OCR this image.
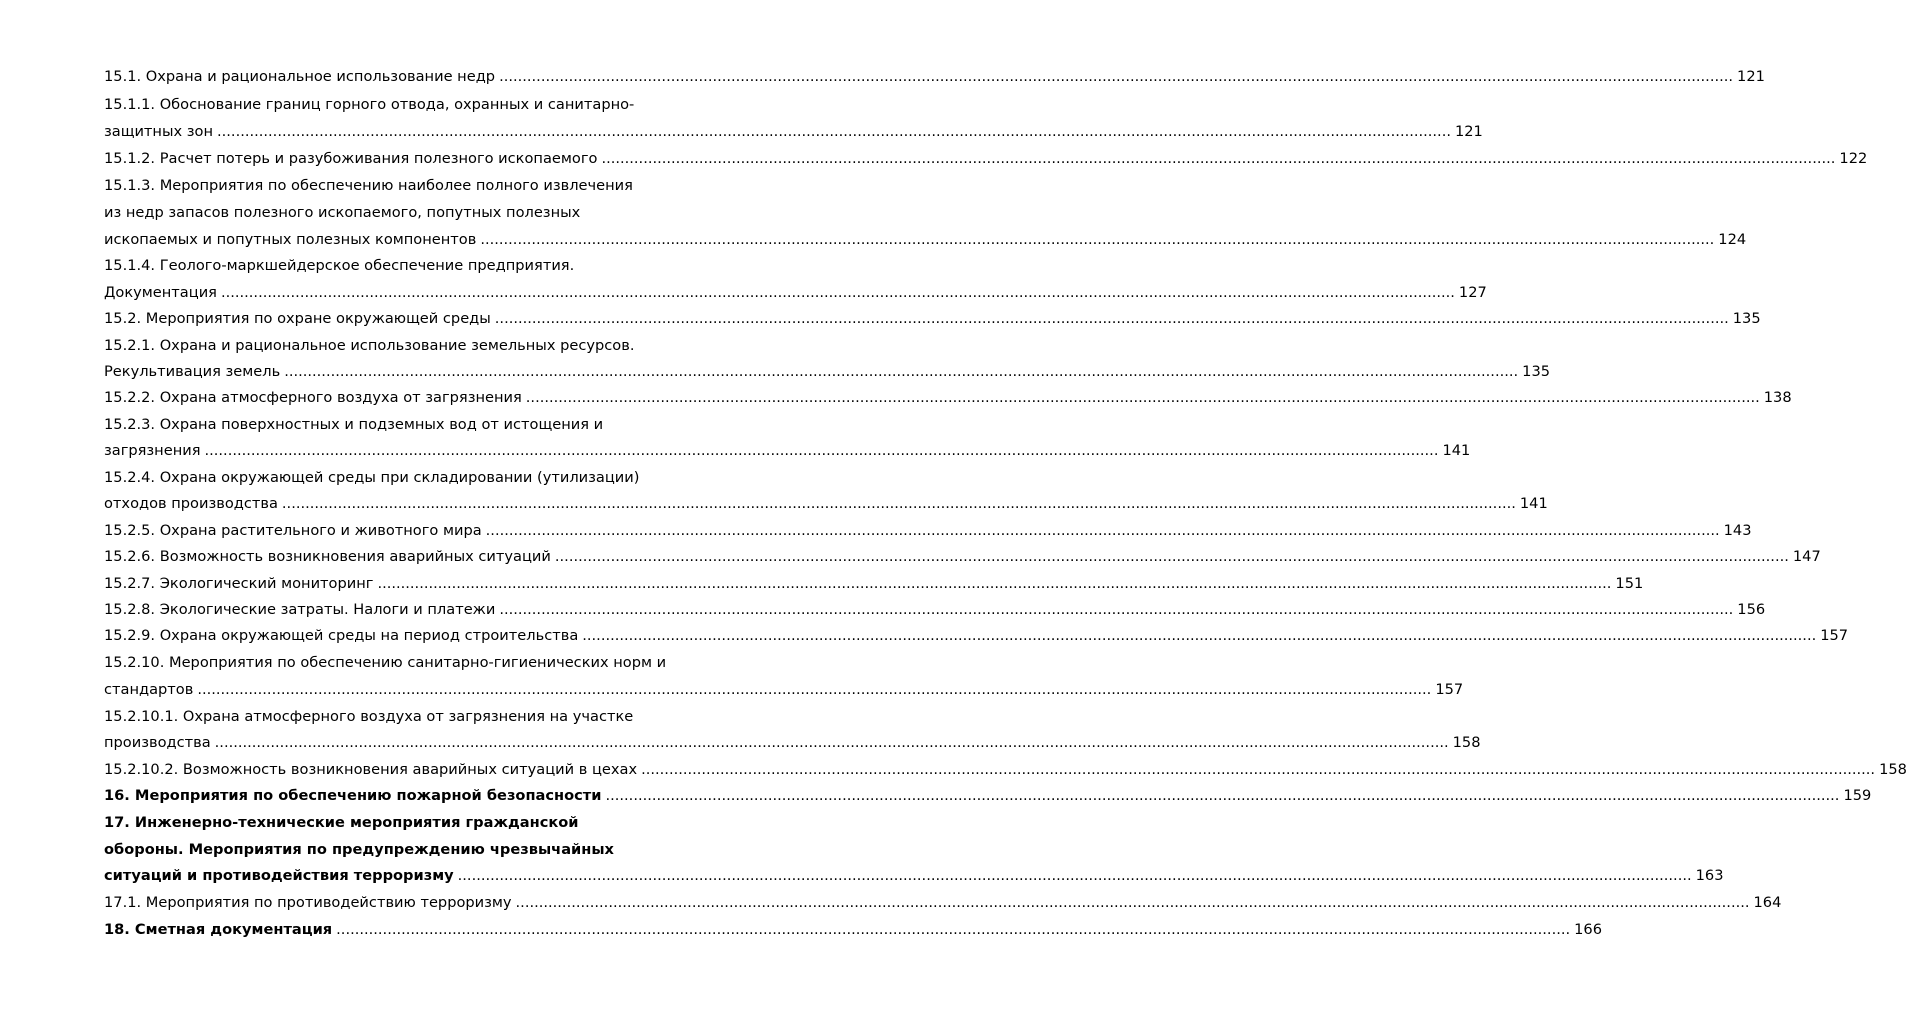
15.1. Охрана и рациональное использование недр .....	121
15.1.1. Обоснование границ горного отвода, охранных и санитарно-
защитных зон .....	121
15.1.2. Расчет потерь и разубоживания полезного ископаемого .....	122
15.1.3. Мероприятия по обеспечению наиболее полного извлечения
из недр запасов полезного ископаемого, попутных полезных
ископаемых и попутных полезных компонентов .....	124
15.1.4. Геолого-маркшейдерское обеспечение предприятия.
Документация .....	127
15.2. Мероприятия по охране окружающей среды .....	135
15.2.1. Охрана и рациональное использование земельных ресурсов.
Рекультивация земель .....	135
15.2.2. Охрана атмосферного воздуха от загрязнения .....	138
15.2.3. Охрана поверхностных и подземных вод от истощения и
загрязнения .....	141
15.2.4. Охрана окружающей среды при складировании (утилизации)
отходов производства .....	141
15.2.5. Охрана растительного и животного мира .....	143
15.2.6. Возможность возникновения аварийных ситуаций .....	147
15.2.7. Экологический мониторинг .....	151
15.2.8. Экологические затраты. Налоги и платежи .....	156
15.2.9. Охрана окружающей среды на период строительства .....	157
15.2.10. Мероприятия по обеспечению санитарно-гигиенических норм и
стандартов .....	157
15.2.10.1. Охрана атмосферного воздуха от загрязнения на участке
производства .....	158
15.2.10.2. Возможность возникновения аварийных ситуаций в цехах .....	158
16. Мероприятия по обеспечению пожарной безопасности .....	159
17. Инженерно-технические мероприятия гражданской
обороны. Мероприятия по предупреждению чрезвычайных
ситуаций и противодействия терроризму .....	163
17.1. Мероприятия по противодействию терроризму .....	164
18. Сметная документация .....	166
